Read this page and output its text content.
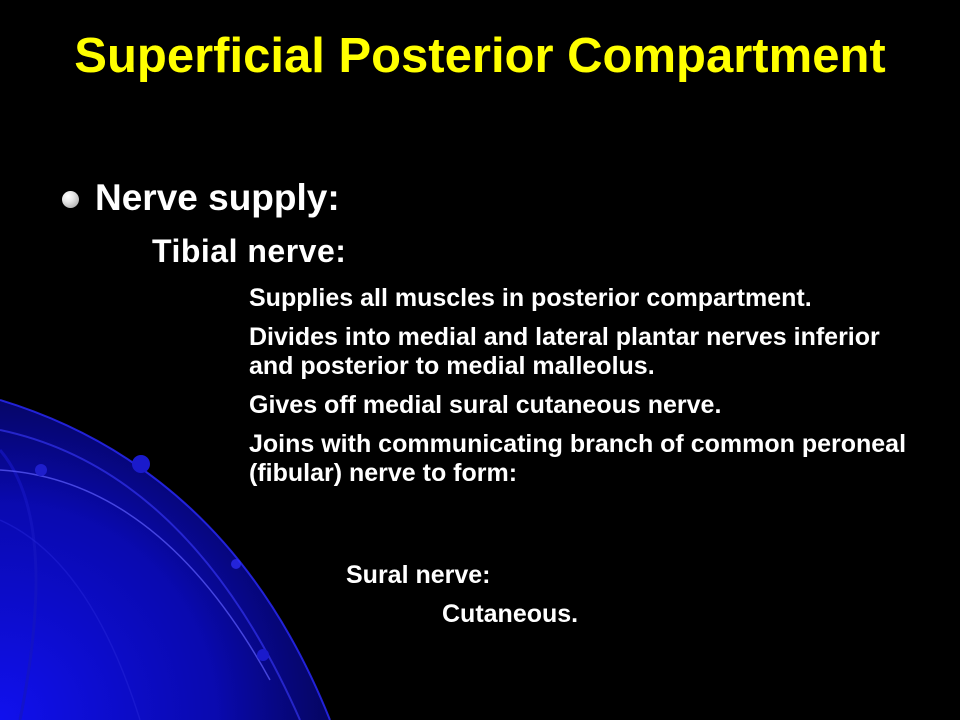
Superficial Posterior Compartment
Nerve supply:
Tibial nerve:
Supplies all muscles in posterior compartment.
Divides into medial and lateral plantar nerves inferior and posterior to medial malleolus.
Gives off medial sural cutaneous nerve.
Joins with communicating branch of common peroneal (fibular) nerve to form:
Sural nerve:
Cutaneous.
